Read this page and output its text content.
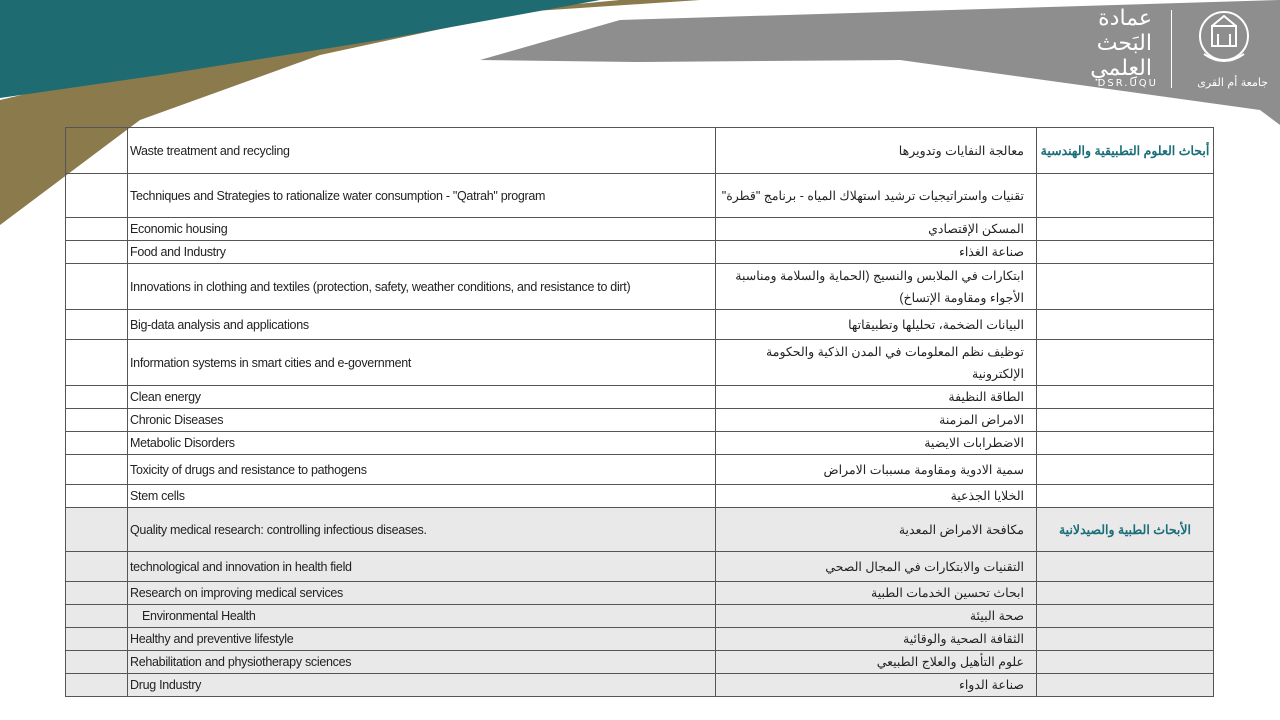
عمادة البَحث العِلمي
DSR.UQU	جامعة أم القرى
	Waste treatment and recycling	معالجة النفايات وتدويرها	أبحاث العلوم التطبيقية والهندسية
	Techniques and Strategies to rationalize water consumption - "Qatrah" program	تقنيات واستراتيجيات ترشيد استهلاك المياه - برنامج "قطرة"	
	Economic housing	المسكن الإقتصادي	
	Food and Industry	صناعة الغذاء	
	Innovations in clothing and textiles (protection, safety, weather conditions, and resistance to dirt)	ابتكارات في الملابس والنسيج (الحماية والسلامة ومناسبة الأجواء ومقاومة الإتساخ)	
	Big-data analysis and applications	البيانات الضخمة، تحليلها وتطبيقاتها	
	Information systems in smart cities and e-government	توظيف نظم المعلومات في المدن الذكية والحكومة الإلكترونية	
	Clean energy	الطاقة النظيفة	
	Chronic Diseases	الامراض المزمنة	
	Metabolic Disorders	الاضطرابات الايضية	
	Toxicity of drugs and resistance to pathogens	سمية الادوية ومقاومة مسببات الامراض	
	Stem cells	الخلايا الجذعية	
	Quality medical research: controlling infectious diseases.	مكافحة الامراض المعدية	الأبحاث الطبية والصيدلانية
	technological and innovation in health field	التقنيات والابتكارات في المجال الصحي	
	Research on improving medical services	ابحاث تحسين الخدمات الطبية	
	Environmental Health	صحة البيئة	
	Healthy and preventive lifestyle	الثقافة الصحية والوقائية	
	Rehabilitation and physiotherapy sciences	علوم التأهيل والعلاج الطبيعي	
	Drug Industry	صناعة الدواء	
